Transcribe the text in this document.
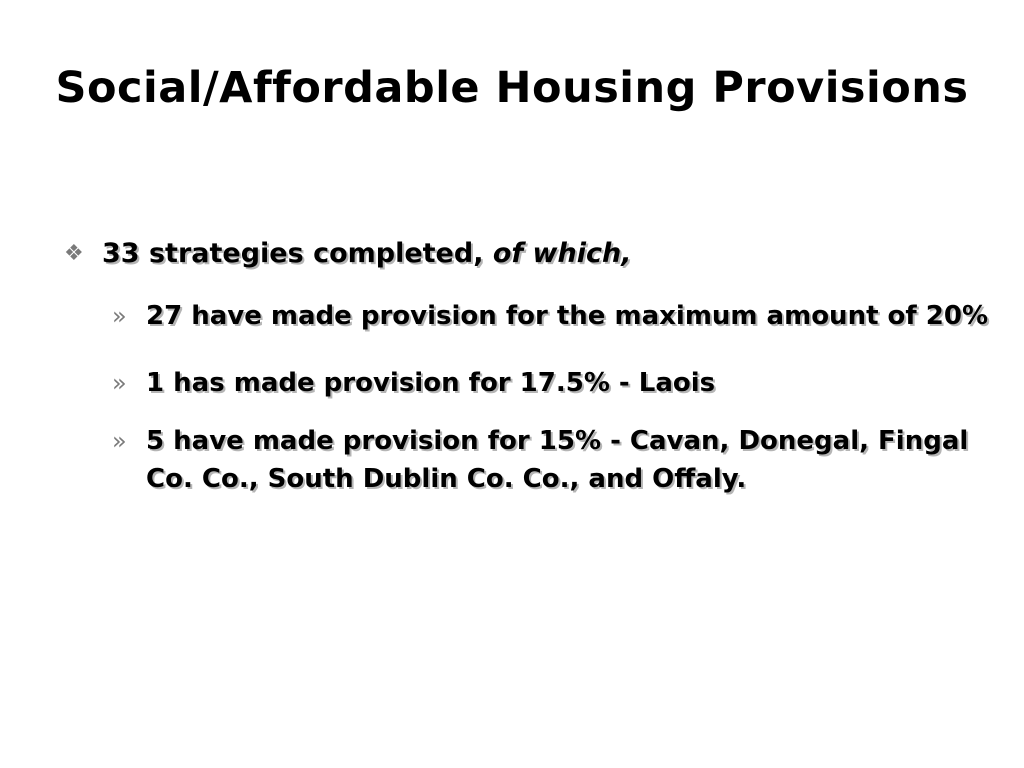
Social/Affordable Housing Provisions
❖ 33 strategies completed, of which,
» 27 have made provision for the maximum amount of 20%
» 1 has made provision for 17.5% - Laois
» 5 have made provision for 15% - Cavan, Donegal, Fingal Co. Co., South Dublin Co. Co., and Offaly.
